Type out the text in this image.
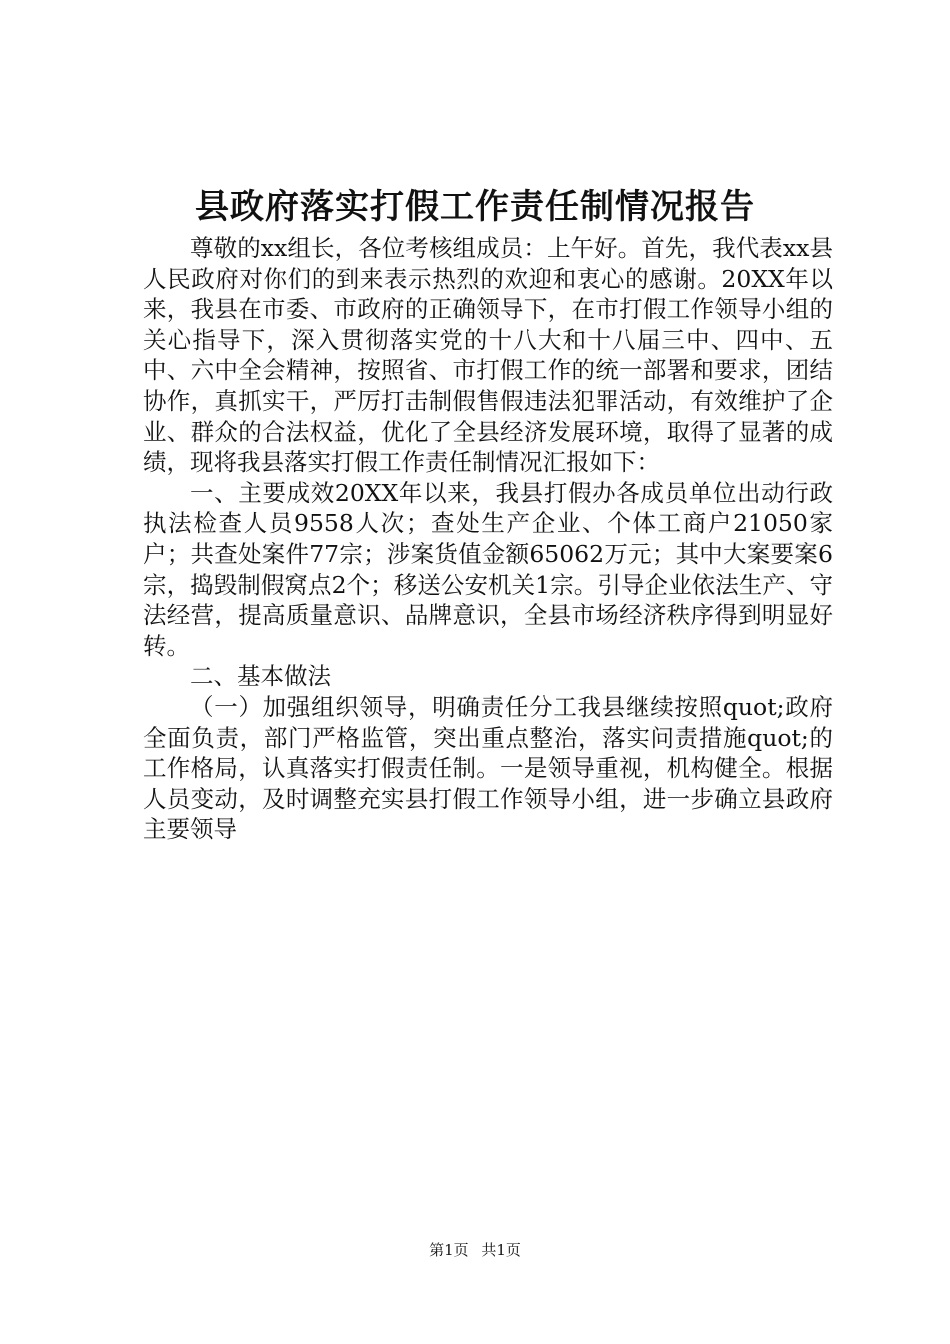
县政府落实打假工作责任制情况报告

尊敬的xx组长，各位考核组成员：上午好。首先，我代表xx县人民政府对你们的到来表示热烈的欢迎和衷心的感谢。20XX年以来，我县在市委、市政府的正确领导下，在市打假工作领导小组的关心指导下，深入贯彻落实党的十八大和十八届三中、四中、五中、六中全会精神，按照省、市打假工作的统一部署和要求，团结协作，真抓实干，严厉打击制假售假违法犯罪活动，有效维护了企业、群众的合法权益，优化了全县经济发展环境，取得了显著的成绩，现将我县落实打假工作责任制情况汇报如下：

一、主要成效20XX年以来，我县打假办各成员单位出动行政执法检查人员9558人次；查处生产企业、个体工商户21050家户；共查处案件77宗；涉案货值金额65062万元；其中大案要案6宗，捣毁制假窝点2个；移送公安机关1宗。引导企业依法生产、守法经营，提高质量意识、品牌意识，全县市场经济秩序得到明显好转。

二、基本做法

（一）加强组织领导，明确责任分工我县继续按照quot;政府全面负责，部门严格监管，突出重点整治，落实问责措施quot;的工作格局，认真落实打假责任制。一是领导重视，机构健全。根据人员变动，及时调整充实县打假工作领导小组，进一步确立县政府主要领导

第1页 共1页
